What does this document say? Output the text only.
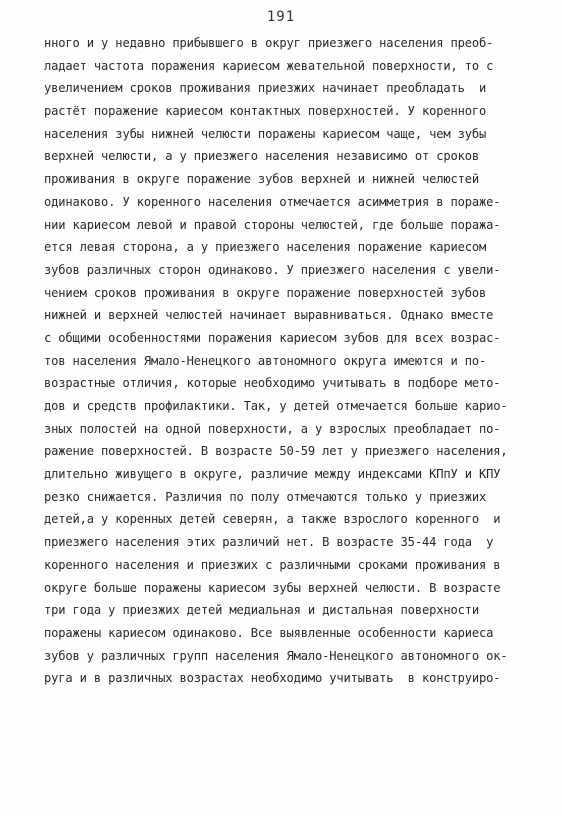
191
нного и у недавно прибывшего в округ приезжего населения преоб-
ладает частота поражения кариесом жевательной поверхности, то с
увеличением сроков проживания приезжих начинает преобладать  и
растёт поражение кариесом контактных поверхностей. У коренного
населения зубы нижней челюсти поражены кариесом чаще, чем зубы
верхней челюсти, а у приезжего населения независимо от сроков
проживания в округе поражение зубов верхней и нижней челюстей
одинаково. У коренного населения отмечается асимметрия в пораже-
нии кариесом левой и правой стороны челюстей, где больше поража-
ется левая сторона, а у приезжего населения поражение кариесом
зубов различных сторон одинаково. У приезжего населения с увели-
чением сроков проживания в округе поражение поверхностей зубов
нижней и верхней челюстей начинает выравниваться. Однако вместе
с общими особенностями поражения кариесом зубов для всех возрас-
тов населения Ямало-Ненецкого автономного округа имеются и по-
возрастные отличия, которые необходимо учитывать в подборе мето-
дов и средств профилактики. Так, у детей отмечается больше карио-
зных полостей на одной поверхности, а у взрослых преобладает по-
ражение поверхностей. В возрасте 50-59 лет у приезжего населения,
длительно живущего в округе, различие между индексами КПпУ и КПУ
резко снижается. Различия по полу отмечаются только у приезжих
детей,а у коренных детей северян, а также взрослого коренного  и
приезжего населения этих различий нет. В возрасте 35-44 года  у
коренного населения и приезжих с различными сроками проживания в
округе больше поражены кариесом зубы верхней челюсти. В возрасте
три года у приезжих детей медиальная и дистальная поверхности
поражены кариесом одинаково. Все выявленные особенности кариеса
зубов у различных групп населения Ямало-Ненецкого автономного ок-
руга и в различных возрастах необходимо учитывать  в конструиро-
